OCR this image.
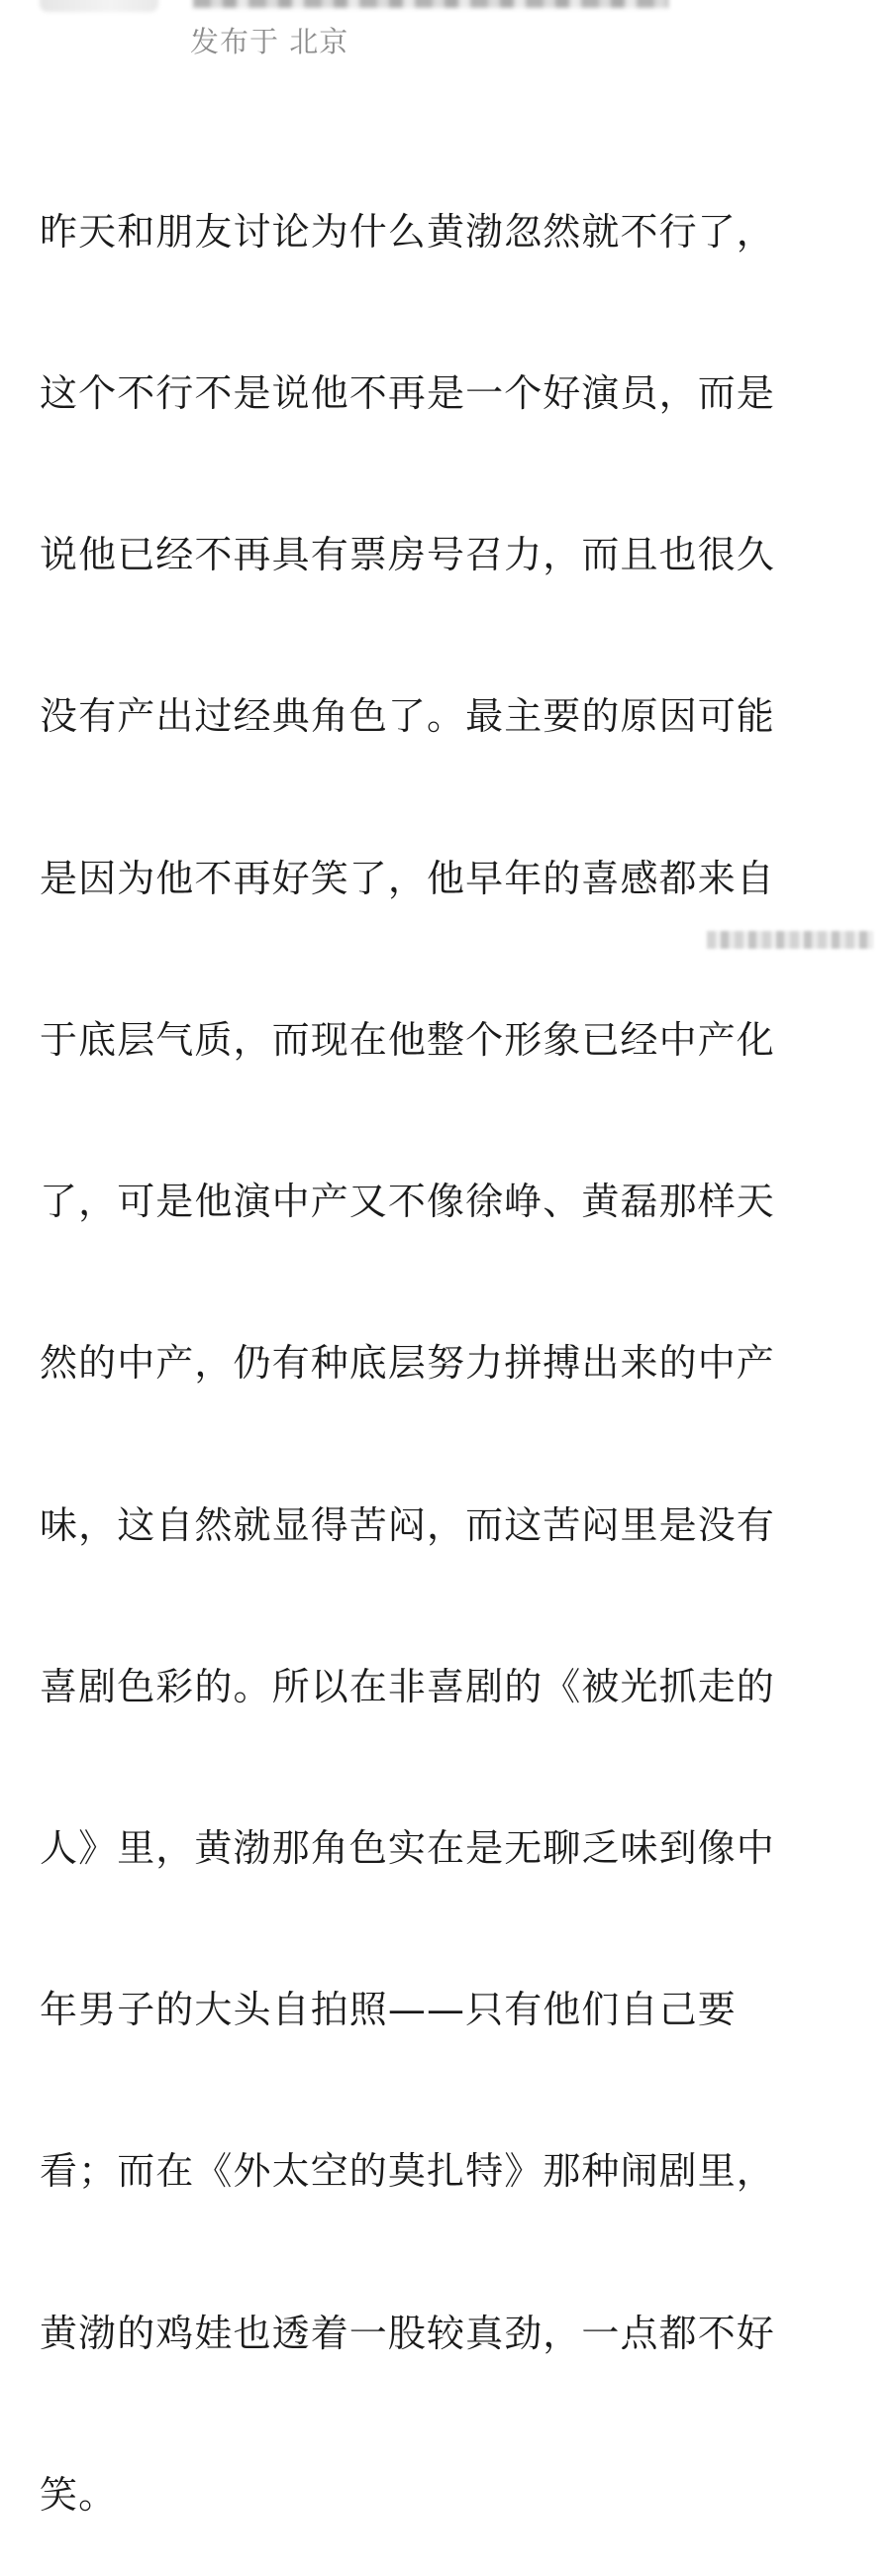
发布于 北京

昨天和朋友讨论为什么黄渤忽然就不行了，

这个不行不是说他不再是一个好演员，而是

说他已经不再具有票房号召力，而且也很久

没有产出过经典角色了。最主要的原因可能

是因为他不再好笑了，他早年的喜感都来自

于底层气质，而现在他整个形象已经中产化

了，可是他演中产又不像徐峥、黄磊那样天

然的中产，仍有种底层努力拼搏出来的中产

味，这自然就显得苦闷，而这苦闷里是没有

喜剧色彩的。所以在非喜剧的《被光抓走的

人》里，黄渤那角色实在是无聊乏味到像中

年男子的大头自拍照——只有他们自己要

看；而在《外太空的莫扎特》那种闹剧里，

黄渤的鸡娃也透着一股较真劲，一点都不好

笑。
